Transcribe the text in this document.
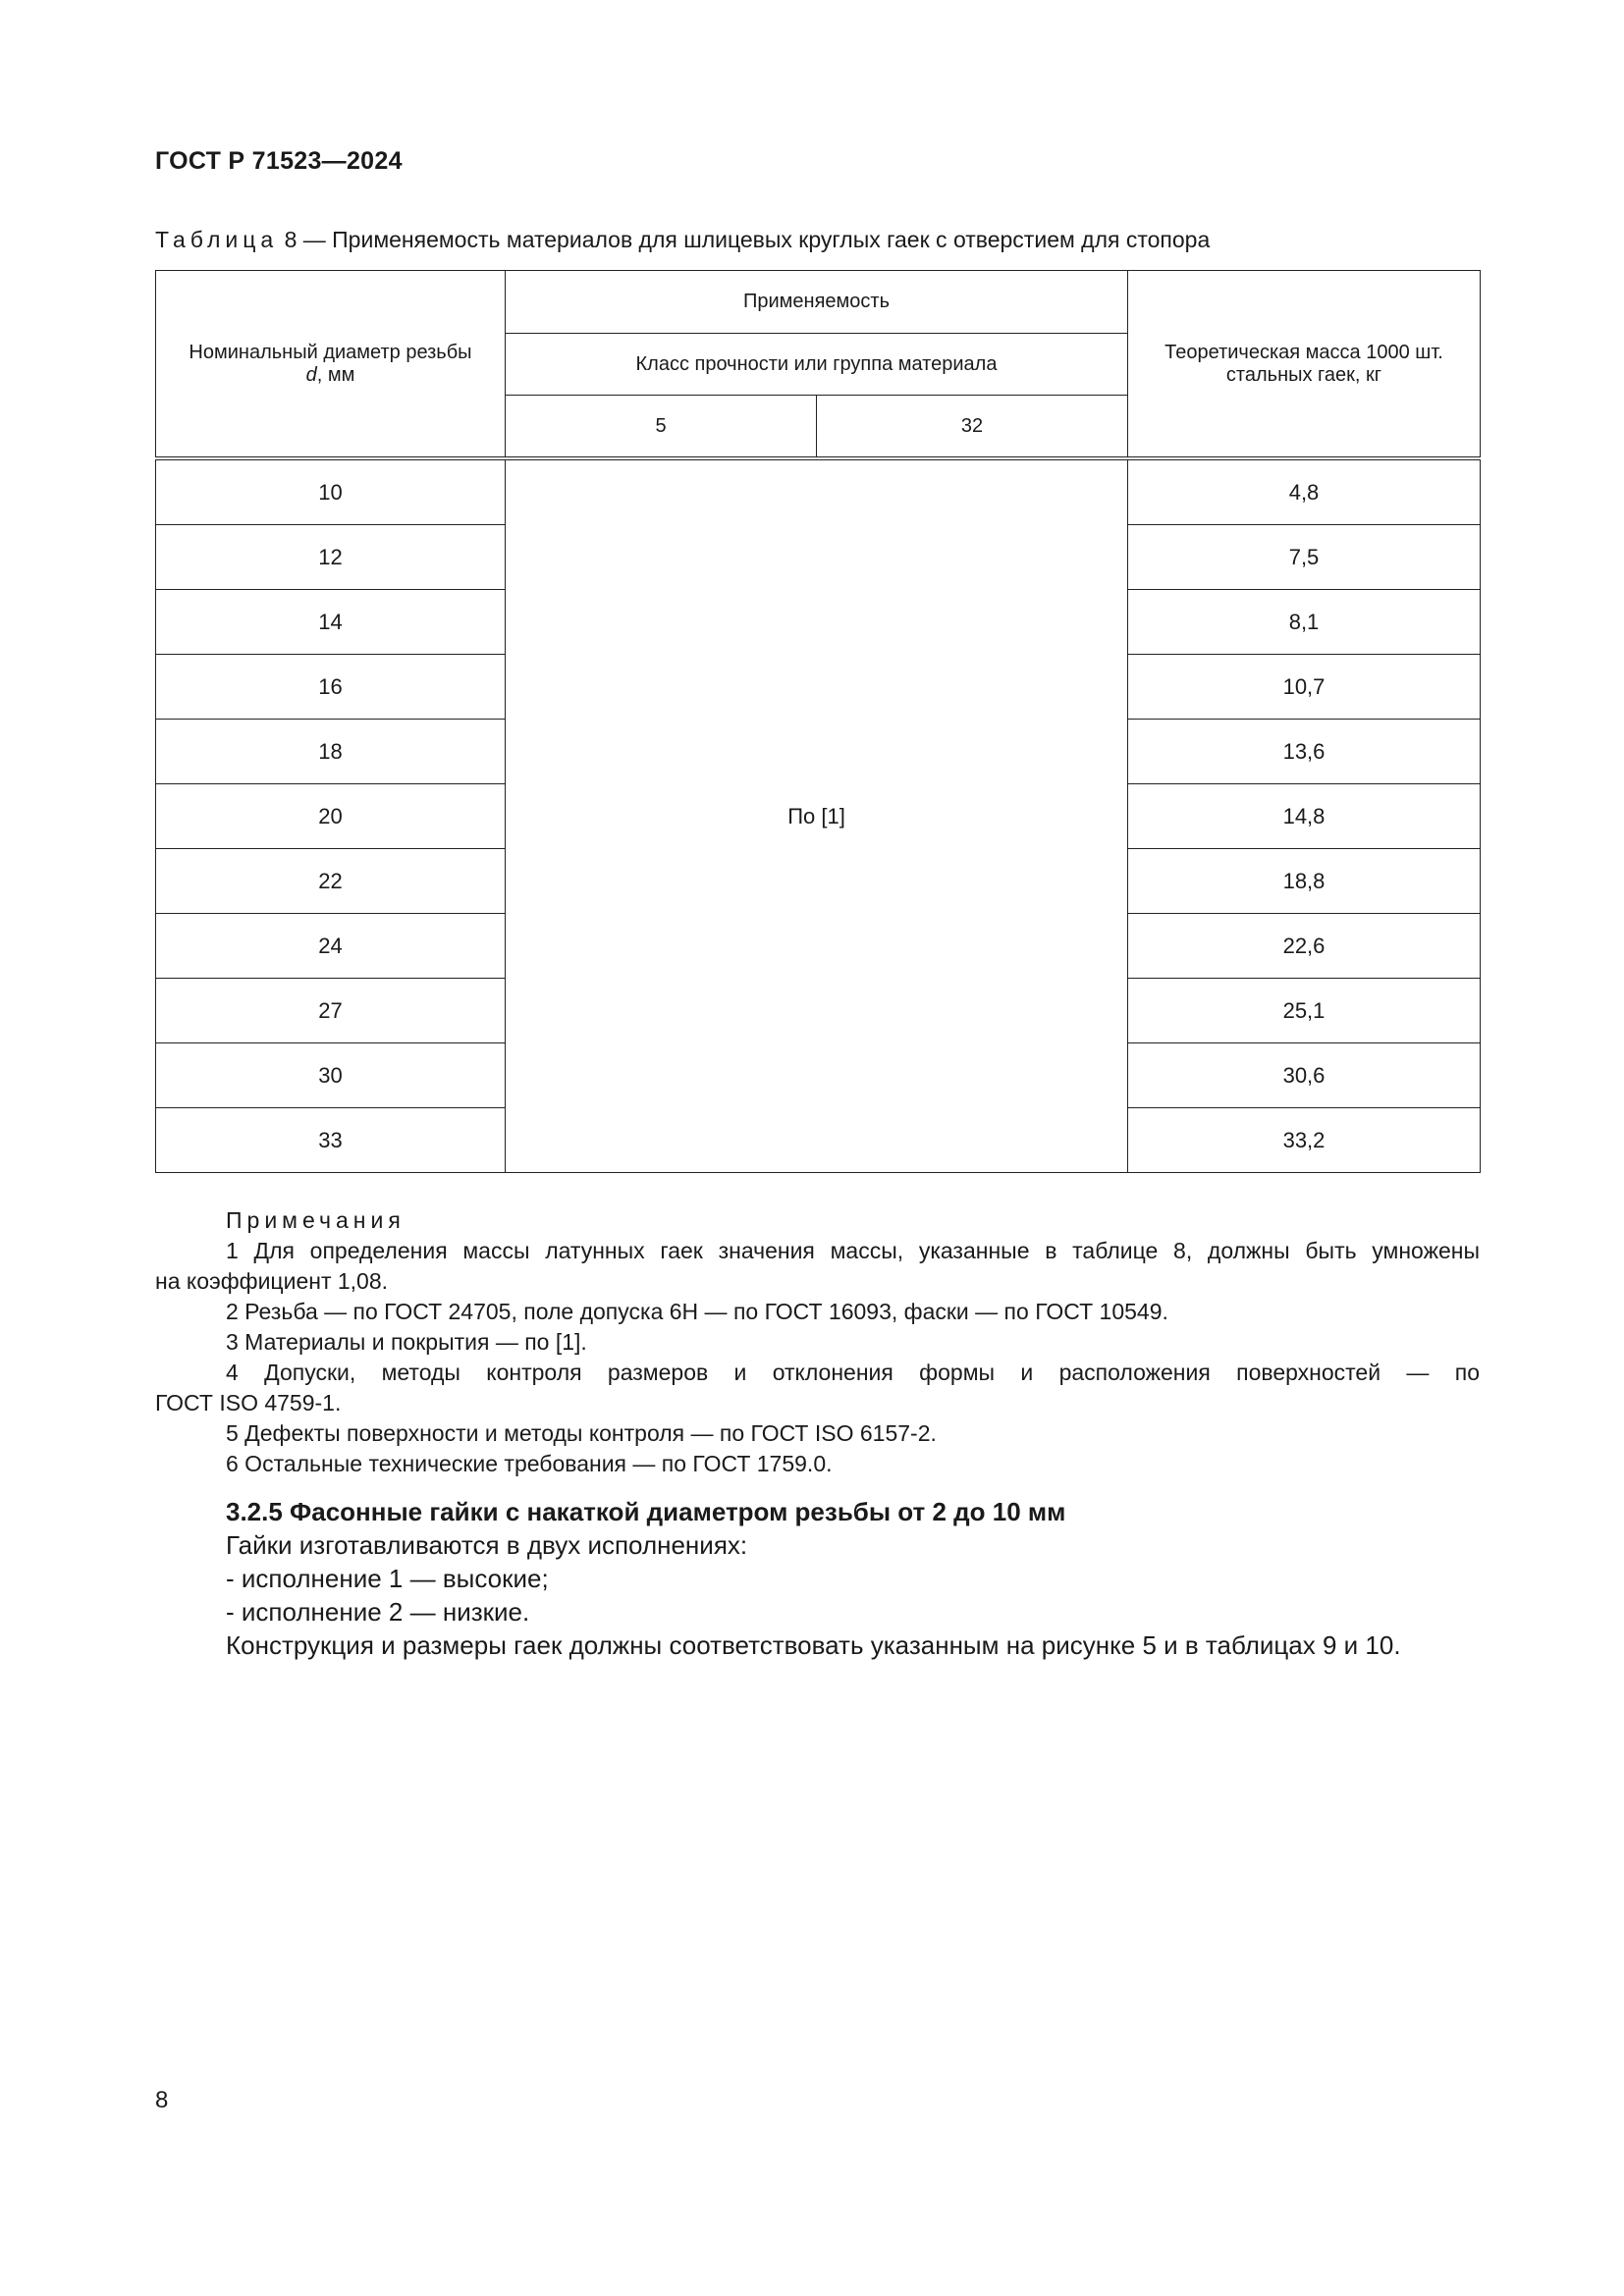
ГОСТ Р 71523—2024
Таблица 8 — Применяемость материалов для шлицевых круглых гаек с отверстием для стопора
Номинальный диаметр резьбы
d, мм	Применяемость		Теоретическая масса 1000 шт.
стальных гаек, кг
	Класс прочности или группа материала		
	5	32	

10	По [1]		4,8
12			7,5
14			8,1
16			10,7
18			13,6
20			14,8
22			18,8
24			22,6
27			25,1
30			30,6
33			33,2

Примечания

1 Для определения массы латунных гаек значения массы, указанные в таблице 8, должны быть умножены

на коэффициент 1,08.

2 Резьба — по ГОСТ 24705, поле допуска 6Н — по ГОСТ 16093, фаски — по ГОСТ 10549.

3 Материалы и покрытия — по [1].

4 Допуски, методы контроля размеров и отклонения формы и расположения поверхностей — по

ГОСТ ISO 4759-1.

5 Дефекты поверхности и методы контроля — по ГОСТ ISO 6157-2.

6 Остальные технические требования — по ГОСТ 1759.0.

3.2.5 Фасонные гайки с накаткой диаметром резьбы от 2 до 10 мм

Гайки изготавливаются в двух исполнениях:

- исполнение 1 — высокие;

- исполнение 2 — низкие.

Конструкция и размеры гаек должны соответствовать указанным на рисунке 5 и в таблицах 9 и 10.

8
